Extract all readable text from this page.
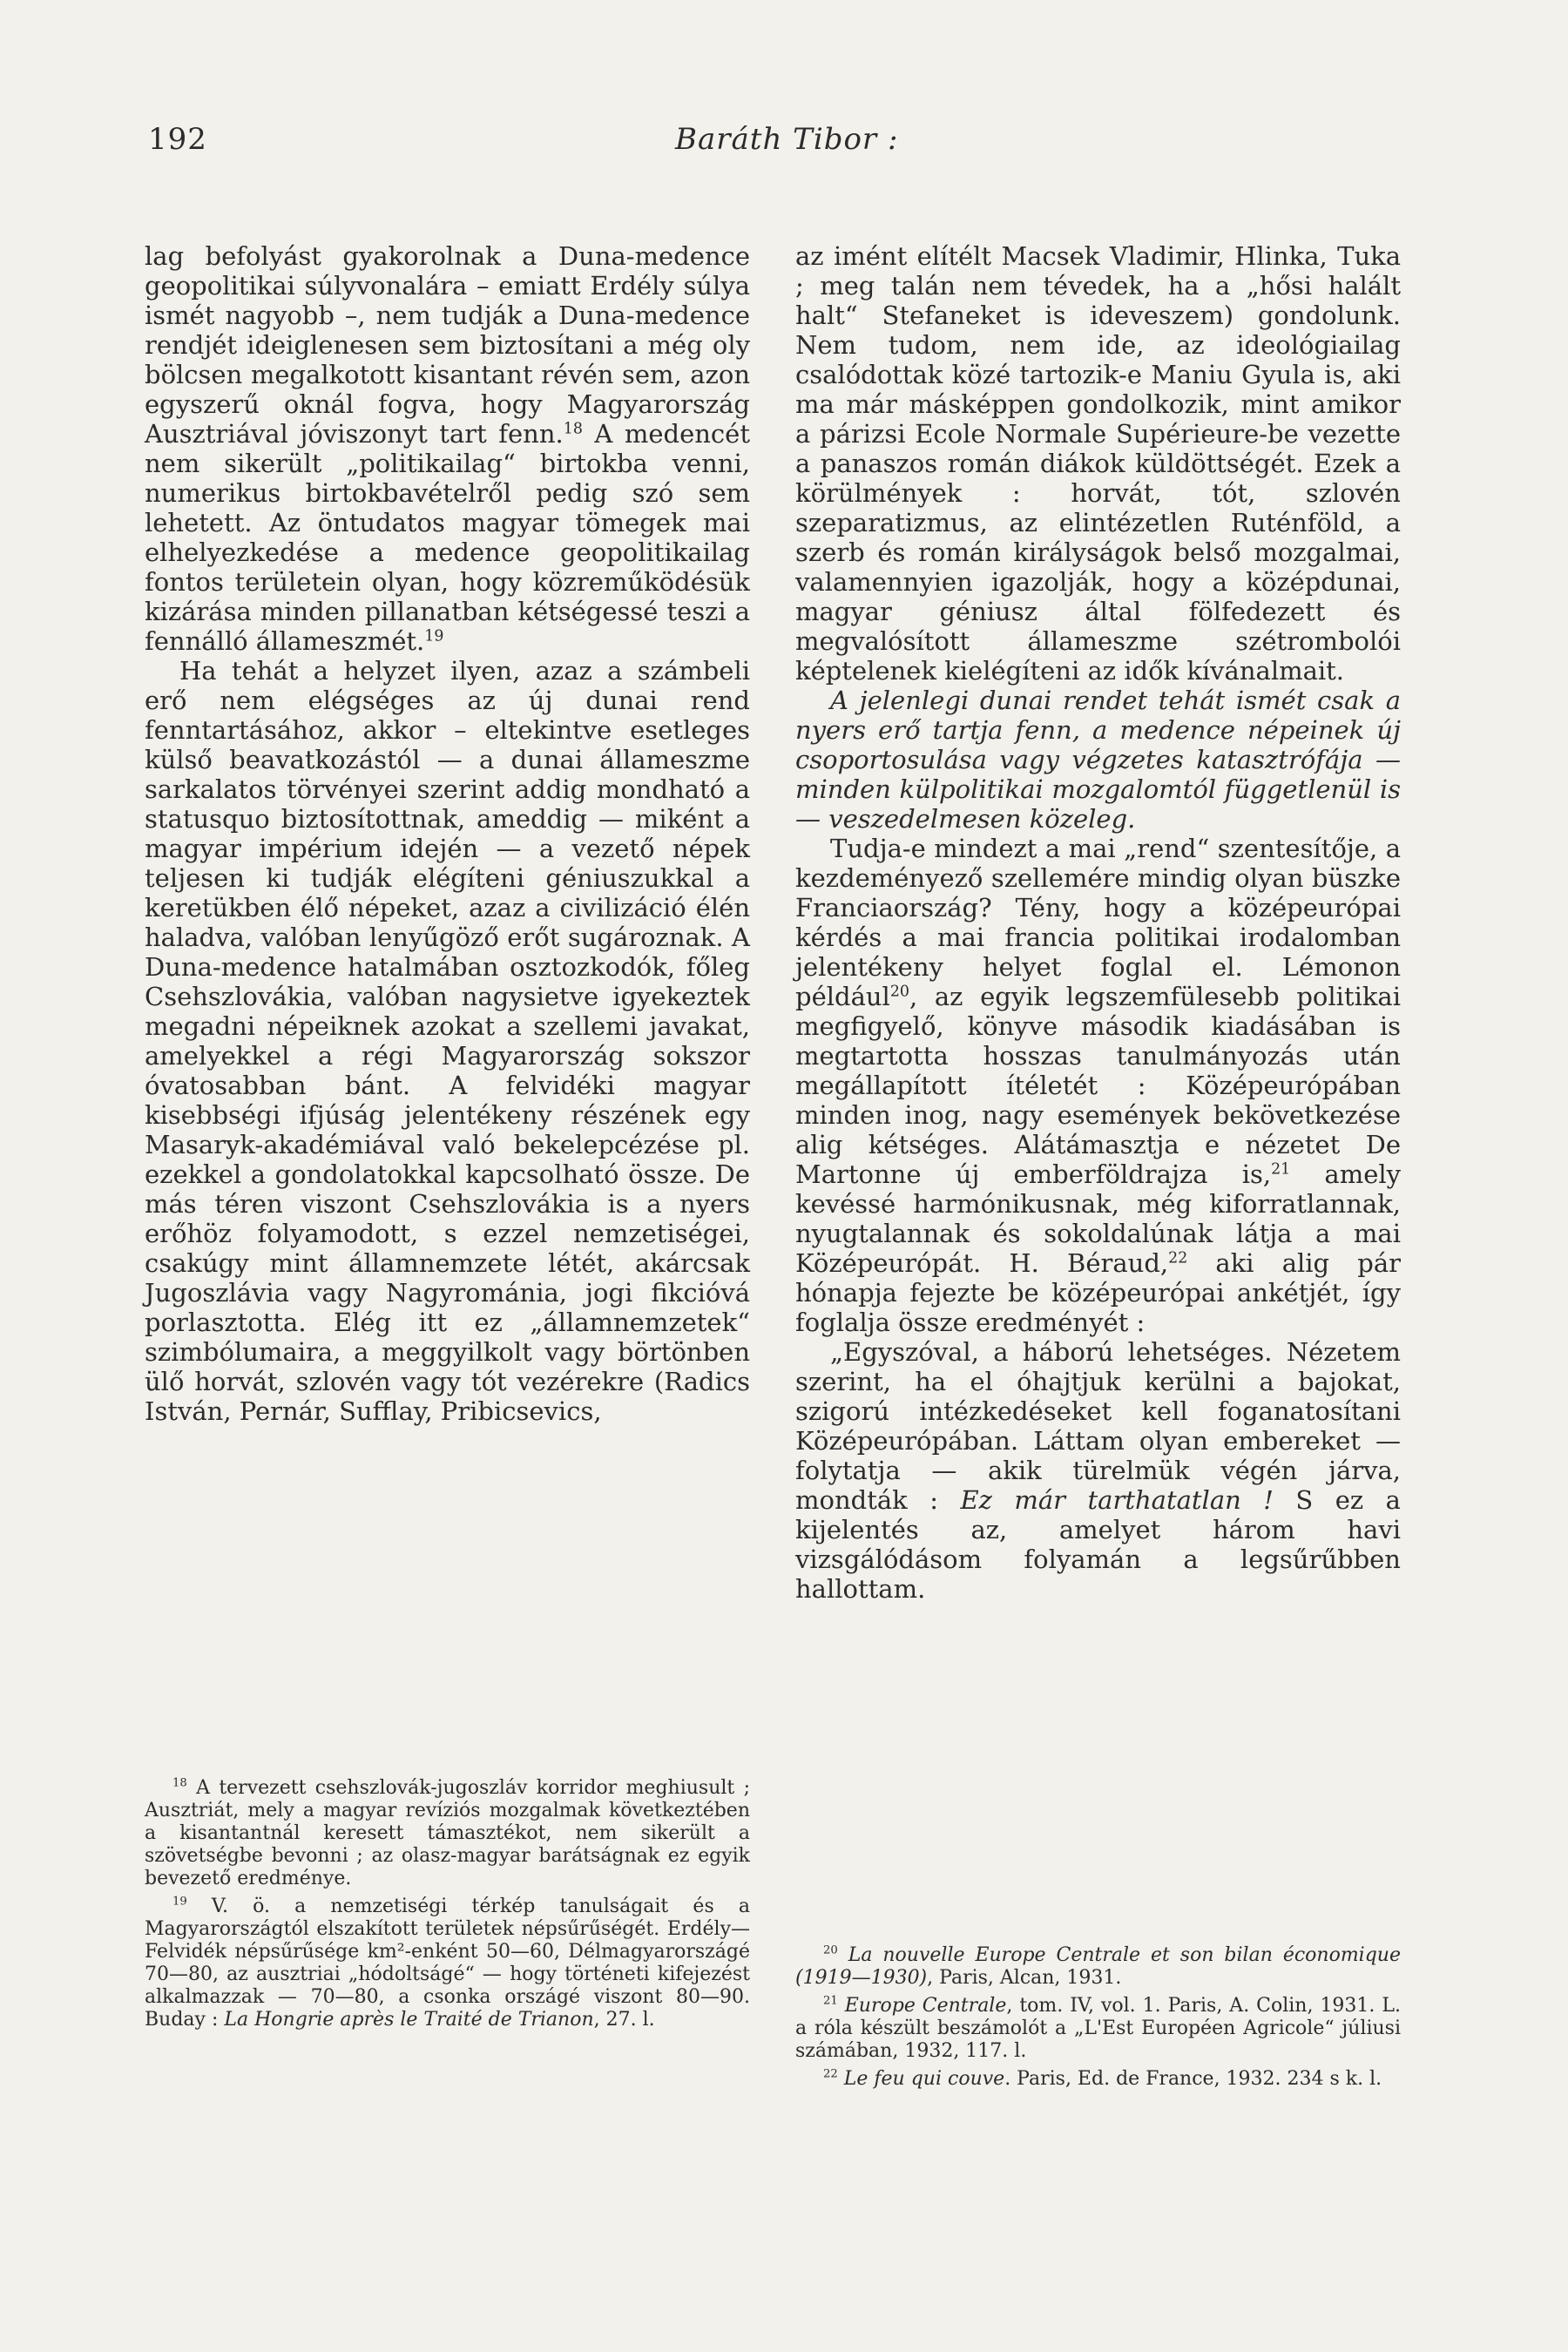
192	Baráth Tibor :

lag befolyást gyakorolnak a Duna-medence geopolitikai súlyvonalára – emiatt Erdély súlya ismét nagyobb –, nem tudják a Duna-medence rendjét ideiglenesen sem biztosítani a még oly bölcsen megalkotott kisantant révén sem, azon egyszerű oknál fogva, hogy Magyarország Ausztriával jóviszonyt tart fenn.$^{18}$ A medencét nem sikerült „politikailag“ birtokba venni, numerikus birtokbavételről pedig szó sem lehetett. Az öntudatos magyar tömegek mai elhelyezkedése a medence geopolitikailag fontos területein olyan, hogy közreműködésük kizárása minden pillanatban kétségessé teszi a fennálló állameszmét.$^{19}$

Ha tehát a helyzet ilyen, azaz a számbeli erő nem elégséges az új dunai rend fenntartásához, akkor – eltekintve esetleges külső beavatkozástól — a dunai állameszme sarkalatos törvényei szerint addig mondható a statusquo biztosítottnak, ameddig — miként a magyar impérium idején — a vezető népek teljesen ki tudják elégíteni géniuszukkal a keretükben élő népeket, azaz a civilizáció élén haladva, valóban lenyűgöző erőt sugároznak. A Duna-medence hatalmában osztozkodók, főleg Csehszlovákia, valóban nagysietve igyekeztek megadni népeiknek azokat a szellemi javakat, amelyekkel a régi Magyarország sokszor óvatosabban bánt. A felvidéki magyar kisebbségi ifjúság jelentékeny részének egy Masaryk-akadémiával való bekelepcézése pl. ezekkel a gondolatokkal kapcsolható össze. De más téren viszont Csehszlovákia is a nyers erőhöz folyamodott, s ezzel nemzetiségei, csakúgy mint államnemzete létét, akárcsak Jugoszlávia vagy Nagyrománia, jogi fikcióvá porlasztotta. Elég itt ez „államnemzetek“ szimbólumaira, a meggyilkolt vagy börtönben ülő horvát, szlovén vagy tót vezérekre (Radics István, Pernár, Sufflay, Pribicsevics,

az imént elítélt Macsek Vladimir, Hlinka, Tuka ; meg talán nem tévedek, ha a „hősi halált halt“ Stefaneket is ideveszem) gondolunk. Nem tudom, nem ide, az ideológiailag csalódottak közé tartozik-e Maniu Gyula is, aki ma már másképpen gondolkozik, mint amikor a párizsi Ecole Normale Supérieure-be vezette a panaszos román diákok küldöttségét. Ezek a körülmények : horvát, tót, szlovén szeparatizmus, az elintézetlen Ruténföld, a szerb és román királyságok belső mozgalmai, valamennyien igazolják, hogy a középdunai, magyar géniusz által fölfedezett és megvalósított állameszme szétrombolói képtelenek kielégíteni az idők kívánalmait.

A jelenlegi dunai rendet tehát ismét csak a nyers erő tartja fenn, a medence népeinek új csoportosulása vagy végzetes katasztrófája — minden külpolitikai mozgalomtól függetlenül is — veszedelmesen közeleg.

Tudja-e mindezt a mai „rend“ szentesítője, a kezdeményező szellemére mindig olyan büszke Franciaország? Tény, hogy a középeurópai kérdés a mai francia politikai irodalomban jelentékeny helyet foglal el. Lémonon például$^{20}$, az egyik legszemfülesebb politikai megfigyelő, könyve második kiadásában is megtartotta hosszas tanulmányozás után megállapított ítéletét : Középeurópában minden inog, nagy események bekövetkezése alig kétséges. Alátámasztja e nézetet De Martonne új emberföldrajza is,$^{21}$ amely kevéssé harmónikusnak, még kiforratlannak, nyugtalannak és sokoldalúnak látja a mai Középeurópát. H. Béraud,$^{22}$ aki alig pár hónapja fejezte be középeurópai ankétjét, így foglalja össze eredményét :

„Egyszóval, a háború lehetséges. Nézetem szerint, ha el óhajtjuk kerülni a bajokat, szigorú intézkedéseket kell foganatosítani Középeurópában. Láttam olyan embereket — folytatja — akik türelmük végén járva, mondták : Ez már tarthatatlan ! S ez a kijelentés az, amelyet három havi vizsgálódásom folyamán a legsűrűbben hallottam.

$^{18}$ A tervezett csehszlovák-jugoszláv korridor meghiusult ; Ausztriát, mely a magyar revíziós mozgalmak következtében a kisantantnál keresett támasztékot, nem sikerült a szövetségbe bevonni ; az olasz-magyar barátságnak ez egyik bevezető eredménye.

$^{19}$ V. ö. a nemzetiségi térkép tanulságait és a Magyarországtól elszakított területek népsűrűségét. Erdély—Felvidék népsűrűsége km²-enként 50—60, Délmagyarországé 70—80, az ausztriai „hódoltságé“ — hogy történeti kifejezést alkalmazzak — 70—80, a csonka országé viszont 80—90. Buday : La Hongrie après le Traité de Trianon, 27. l.

$^{20}$ La nouvelle Europe Centrale et son bilan économique (1919—1930), Paris, Alcan, 1931.

$^{21}$ Europe Centrale, tom. IV, vol. 1. Paris, A. Colin, 1931. L. a róla készült beszámolót a „L'Est Européen Agricole“ júliusi számában, 1932, 117. l.

$^{22}$ Le feu qui couve. Paris, Ed. de France, 1932. 234 s k. l.
